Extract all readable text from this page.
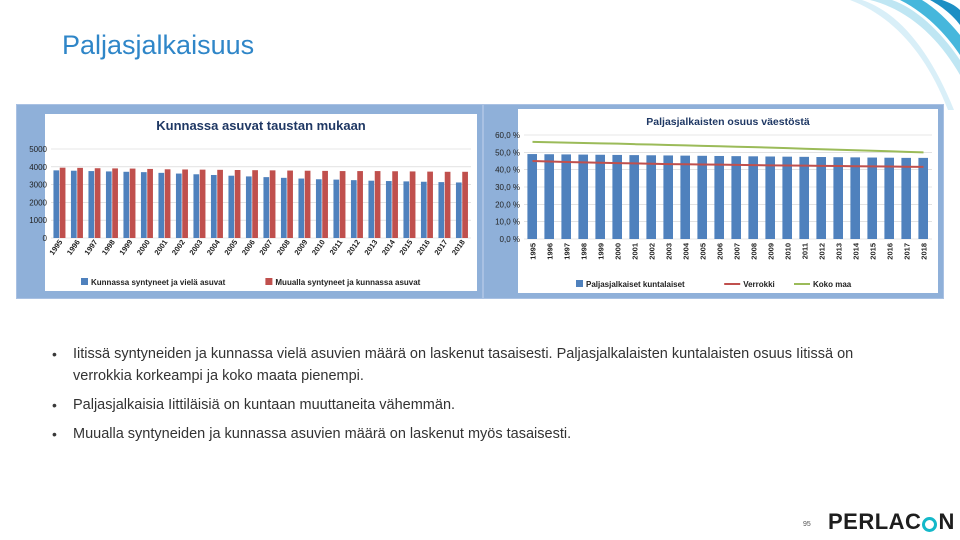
Paljasjalkaisuus
Kunnassa asuvat taustan mukaan
0
1000
2000
3000
4000
5000
1995 1996 1997 1998 1999 2000 2001 2002 2003 2004 2005 2006 2007 2008 2009 2010 2011 2012 2013 2014 2015 2016 2017 2018
Kunnassa syntyneet ja vielä asuvat	Muualla syntyneet ja kunnassa asuvat
Paljasjalkaisten osuus väestöstä
0,0 %
10,0 %
20,0 %
30,0 %
40,0 %
50,0 %
60,0 %
1995 1996 1997 1998 1999 2000 2001 2002 2003 2004 2005 2006 2007 2008 2009 2010 2011 2012 2013 2014 2015 2016 2017 2018
Paljasjalkaiset kuntalaiset	Verrokki	Koko maa
• Iitissä syntyneiden ja kunnassa vielä asuvien määrä on laskenut tasaisesti. Paljasjalkalaisten kuntalaisten osuus Iitissä on verrokkia korkeampi ja koko maata pienempi.
• Paljasjalkaisia Iittiläisiä on kuntaan muuttaneita vähemmän.
• Muualla syntyneiden ja kunnassa asuvien määrä on laskenut myös tasaisesti.
95 PERLAC N
